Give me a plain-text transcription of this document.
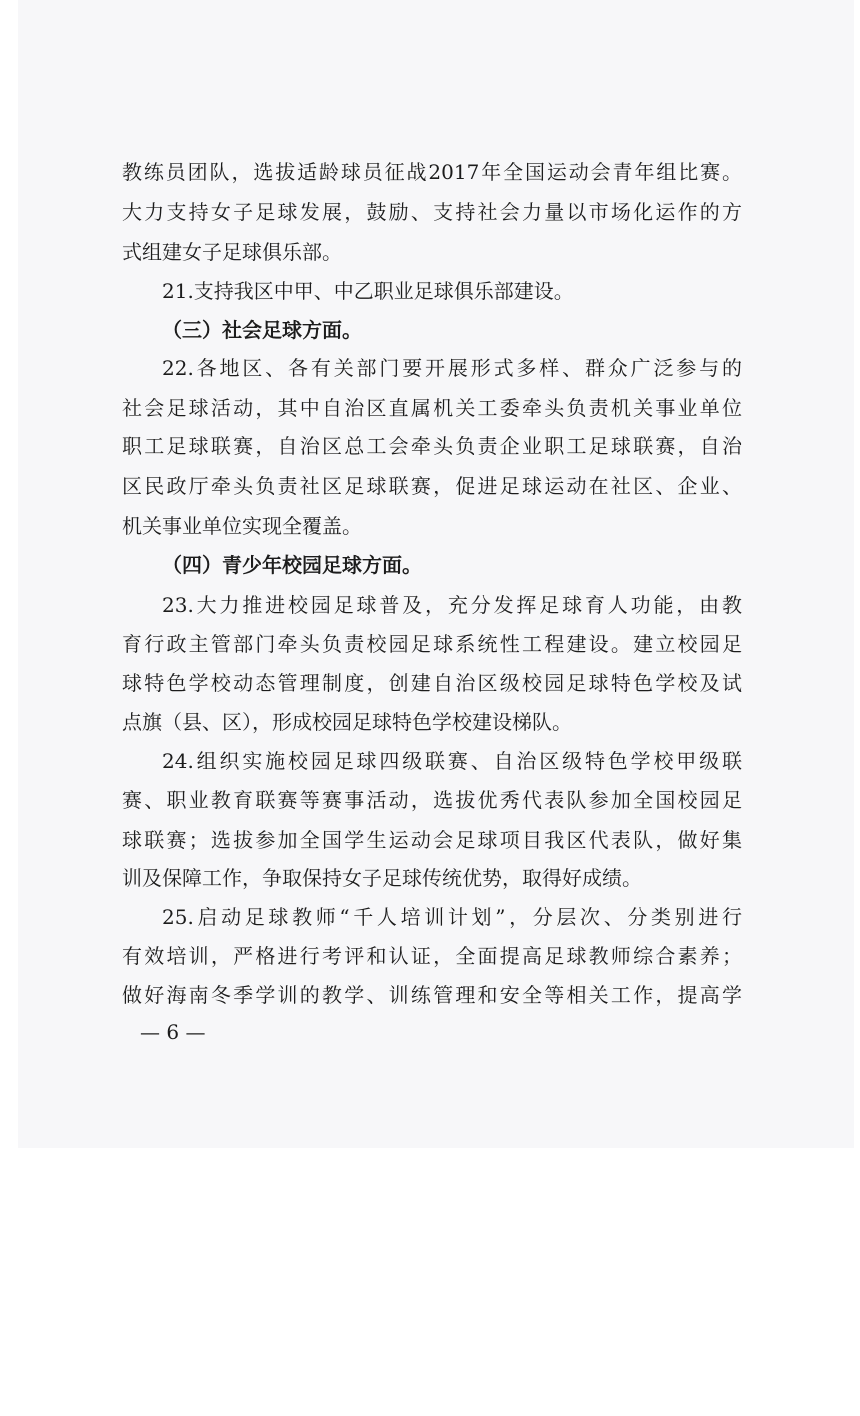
教练员团队，选拔适龄球员征战2017年全国运动会青年组比赛。
大力支持女子足球发展，鼓励、支持社会力量以市场化运作的方
式组建女子足球俱乐部。
21.支持我区中甲、中乙职业足球俱乐部建设。
（三）社会足球方面。
22.各地区、各有关部门要开展形式多样、群众广泛参与的
社会足球活动，其中自治区直属机关工委牵头负责机关事业单位
职工足球联赛，自治区总工会牵头负责企业职工足球联赛，自治
区民政厅牵头负责社区足球联赛，促进足球运动在社区、企业、
机关事业单位实现全覆盖。
（四）青少年校园足球方面。
23.大力推进校园足球普及，充分发挥足球育人功能，由教
育行政主管部门牵头负责校园足球系统性工程建设。建立校园足
球特色学校动态管理制度，创建自治区级校园足球特色学校及试
点旗（县、区），形成校园足球特色学校建设梯队。
24.组织实施校园足球四级联赛、自治区级特色学校甲级联
赛、职业教育联赛等赛事活动，选拔优秀代表队参加全国校园足
球联赛；选拔参加全国学生运动会足球项目我区代表队，做好集
训及保障工作，争取保持女子足球传统优势，取得好成绩。
25.启动足球教师“千人培训计划”，分层次、分类别进行
有效培训，严格进行考评和认证，全面提高足球教师综合素养；
做好海南冬季学训的教学、训练管理和安全等相关工作，提高学
— 6 —
